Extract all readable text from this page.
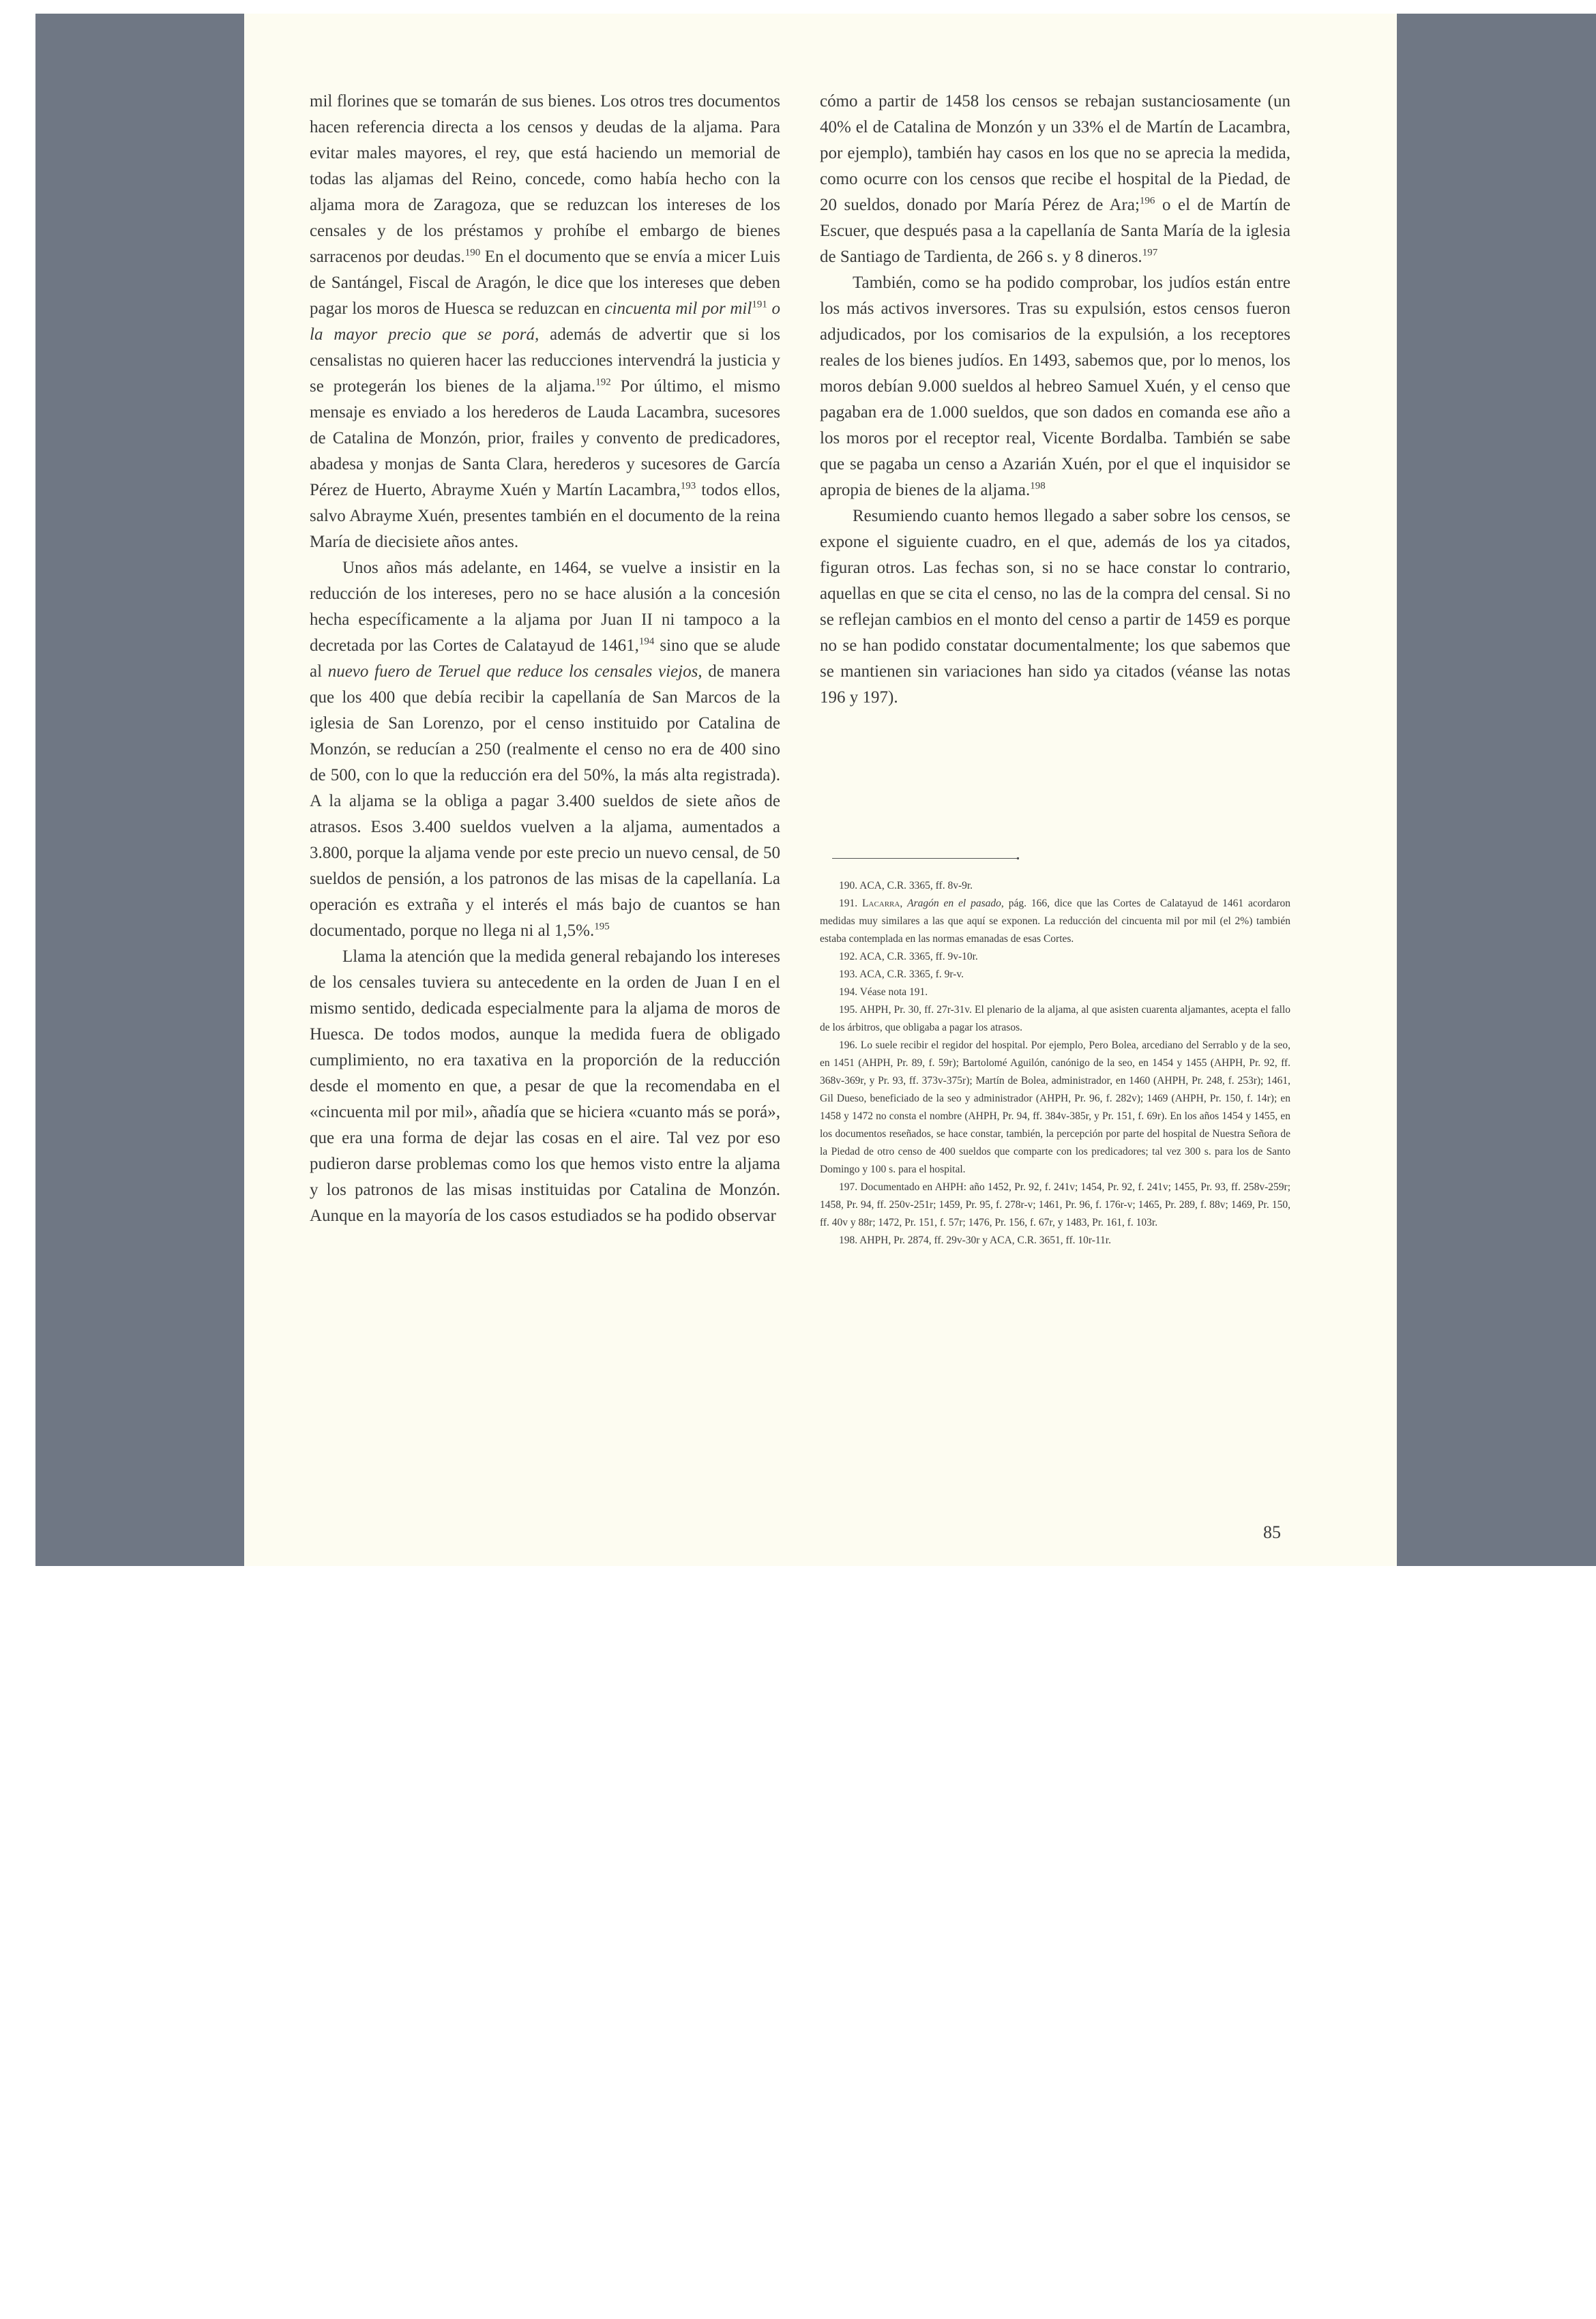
mil florines que se tomarán de sus bienes. Los otros tres documentos hacen referencia directa a los censos y deudas de la aljama. Para evitar males mayores, el rey, que está haciendo un memorial de todas las aljamas del Reino, concede, como había hecho con la aljama mora de Zaragoza, que se reduzcan los intereses de los censales y de los préstamos y prohíbe el embargo de bienes sarracenos por deudas.$^{190}$ En el documento que se envía a micer Luis de Santángel, Fiscal de Aragón, le dice que los intereses que deben pagar los moros de Huesca se reduzcan en cincuenta mil por mil$^{191}$ o la mayor precio que se porá, además de advertir que si los censalistas no quieren hacer las reducciones intervendrá la justicia y se protegerán los bienes de la aljama.$^{192}$ Por último, el mismo mensaje es enviado a los herederos de Lauda Lacambra, sucesores de Catalina de Monzón, prior, frailes y convento de predicadores, abadesa y monjas de Santa Clara, herederos y sucesores de García Pérez de Huerto, Abrayme Xuén y Martín Lacambra,$^{193}$ todos ellos, salvo Abrayme Xuén, presentes también en el documento de la reina María de diecisiete años antes.

Unos años más adelante, en 1464, se vuelve a insistir en la reducción de los intereses, pero no se hace alusión a la concesión hecha específicamente a la aljama por Juan II ni tampoco a la decretada por las Cortes de Calatayud de 1461,$^{194}$ sino que se alude al nuevo fuero de Teruel que reduce los censales viejos, de manera que los 400 que debía recibir la capellanía de San Marcos de la iglesia de San Lorenzo, por el censo instituido por Catalina de Monzón, se reducían a 250 (realmente el censo no era de 400 sino de 500, con lo que la reducción era del 50%, la más alta registrada). A la aljama se la obliga a pagar 3.400 sueldos de siete años de atrasos. Esos 3.400 sueldos vuelven a la aljama, aumentados a 3.800, porque la aljama vende por este precio un nuevo censal, de 50 sueldos de pensión, a los patronos de las misas de la capellanía. La operación es extraña y el interés el más bajo de cuantos se han documentado, porque no llega ni al 1,5%.$^{195}$

Llama la atención que la medida general rebajando los intereses de los censales tuviera su antecedente en la orden de Juan I en el mismo sentido, dedicada especialmente para la aljama de moros de Huesca. De todos modos, aunque la medida fuera de obligado cumplimiento, no era taxativa en la proporción de la reducción desde el momento en que, a pesar de que la recomendaba en el «cincuenta mil por mil», añadía que se hiciera «cuanto más se porá», que era una forma de dejar las cosas en el aire. Tal vez por eso pudieron darse problemas como los que hemos visto entre la aljama y los patronos de las misas instituidas por Catalina de Monzón. Aunque en la mayoría de los casos estudiados se ha podido observar

cómo a partir de 1458 los censos se rebajan sustanciosamente (un 40% el de Catalina de Monzón y un 33% el de Martín de Lacambra, por ejemplo), también hay casos en los que no se aprecia la medida, como ocurre con los censos que recibe el hospital de la Piedad, de 20 sueldos, donado por María Pérez de Ara;$^{196}$ o el de Martín de Escuer, que después pasa a la capellanía de Santa María de la iglesia de Santiago de Tardienta, de 266 s. y 8 dineros.$^{197}$

También, como se ha podido comprobar, los judíos están entre los más activos inversores. Tras su expulsión, estos censos fueron adjudicados, por los comisarios de la expulsión, a los receptores reales de los bienes judíos. En 1493, sabemos que, por lo menos, los moros debían 9.000 sueldos al hebreo Samuel Xuén, y el censo que pagaban era de 1.000 sueldos, que son dados en comanda ese año a los moros por el receptor real, Vicente Bordalba. También se sabe que se pagaba un censo a Azarián Xuén, por el que el inquisidor se apropia de bienes de la aljama.$^{198}$

Resumiendo cuanto hemos llegado a saber sobre los censos, se expone el siguiente cuadro, en el que, además de los ya citados, figuran otros. Las fechas son, si no se hace constar lo contrario, aquellas en que se cita el censo, no las de la compra del censal. Si no se reflejan cambios en el monto del censo a partir de 1459 es porque no se han podido constatar documentalmente; los que sabemos que se mantienen sin variaciones han sido ya citados (véanse las notas 196 y 197).

190. ACA, C.R. 3365, ff. 8v-9r.

191. Lacarra, Aragón en el pasado, pág. 166, dice que las Cortes de Calatayud de 1461 acordaron medidas muy similares a las que aquí se exponen. La reducción del cincuenta mil por mil (el 2%) también estaba contemplada en las normas emanadas de esas Cortes.

192. ACA, C.R. 3365, ff. 9v-10r.

193. ACA, C.R. 3365, f. 9r-v.

194. Véase nota 191.

195. AHPH, Pr. 30, ff. 27r-31v. El plenario de la aljama, al que asisten cuarenta aljamantes, acepta el fallo de los árbitros, que obligaba a pagar los atrasos.

196. Lo suele recibir el regidor del hospital. Por ejemplo, Pero Bolea, arcediano del Serrablo y de la seo, en 1451 (AHPH, Pr. 89, f. 59r); Bartolomé Aguilón, canónigo de la seo, en 1454 y 1455 (AHPH, Pr. 92, ff. 368v-369r, y Pr. 93, ff. 373v-375r); Martín de Bolea, administrador, en 1460 (AHPH, Pr. 248, f. 253r); 1461, Gil Dueso, beneficiado de la seo y administrador (AHPH, Pr. 96, f. 282v); 1469 (AHPH, Pr. 150, f. 14r); en 1458 y 1472 no consta el nombre (AHPH, Pr. 94, ff. 384v-385r, y Pr. 151, f. 69r). En los años 1454 y 1455, en los documentos reseñados, se hace constar, también, la percepción por parte del hospital de Nuestra Señora de la Piedad de otro censo de 400 sueldos que comparte con los predicadores; tal vez 300 s. para los de Santo Domingo y 100 s. para el hospital.

197. Documentado en AHPH: año 1452, Pr. 92, f. 241v; 1454, Pr. 92, f. 241v; 1455, Pr. 93, ff. 258v-259r; 1458, Pr. 94, ff. 250v-251r; 1459, Pr. 95, f. 278r-v; 1461, Pr. 96, f. 176r-v; 1465, Pr. 289, f. 88v; 1469, Pr. 150, ff. 40v y 88r; 1472, Pr. 151, f. 57r; 1476, Pr. 156, f. 67r, y 1483, Pr. 161, f. 103r.

198. AHPH, Pr. 2874, ff. 29v-30r y ACA, C.R. 3651, ff. 10r-11r.

85
